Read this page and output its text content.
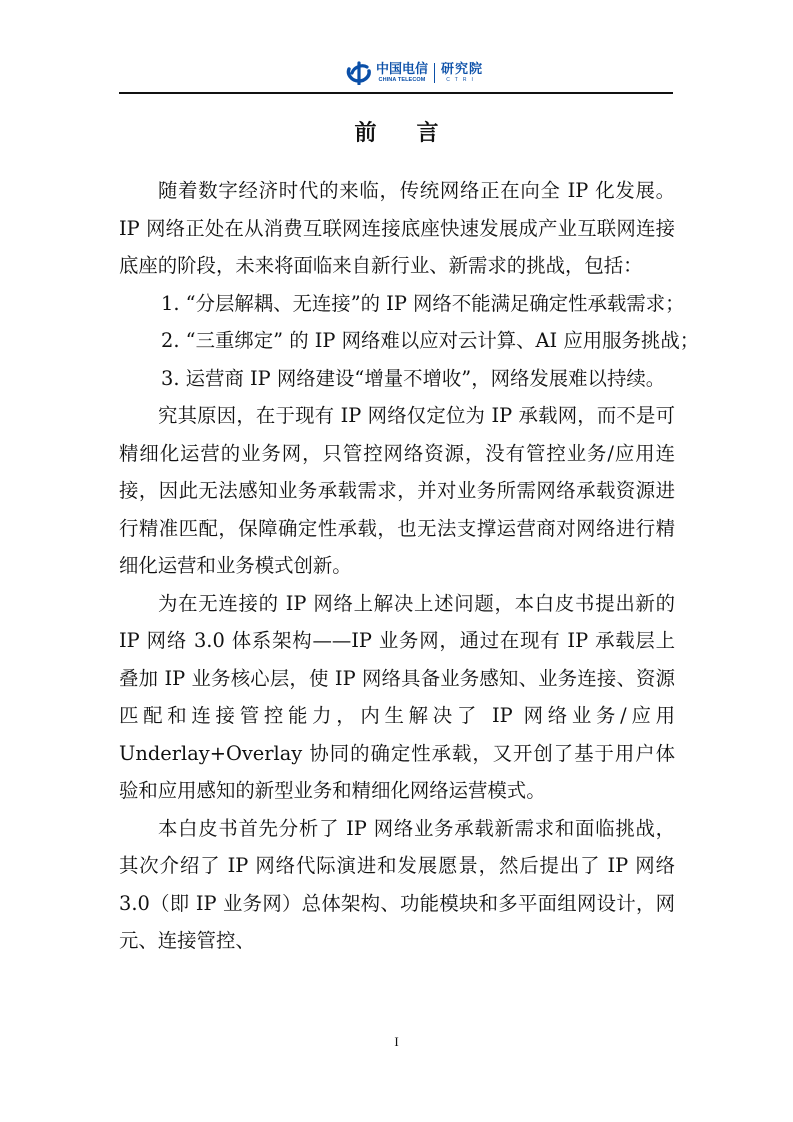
中国电信
CHINA TELECOM
研究院
CTRI
前 言

随着数字经济时代的来临，传统网络正在向全 IP 化发展。IP 网络正处在从消费互联网连接底座快速发展成产业互联网连接底座的阶段，未来将面临来自新行业、新需求的挑战，包括：

1. “分层解耦、无连接”的 IP 网络不能满足确定性承载需求；

2. “三重绑定” 的 IP 网络难以应对云计算、AI 应用服务挑战；

3. 运营商 IP 网络建设“增量不增收”，网络发展难以持续。

究其原因，在于现有 IP 网络仅定位为 IP 承载网，而不是可精细化运营的业务网，只管控网络资源，没有管控业务/应用连接，因此无法感知业务承载需求，并对业务所需网络承载资源进行精准匹配，保障确定性承载，也无法支撑运营商对网络进行精细化运营和业务模式创新。

为在无连接的 IP 网络上解决上述问题，本白皮书提出新的 IP 网络 3.0 体系架构——IP 业务网，通过在现有 IP 承载层上叠加 IP 业务核心层，使 IP 网络具备业务感知、业务连接、资源匹配和连接管控能力，内生解决了 IP 网络业务/应用 Underlay+Overlay 协同的确定性承载，又开创了基于用户体验和应用感知的新型业务和精细化网络运营模式。

本白皮书首先分析了 IP 网络业务承载新需求和面临挑战，其次介绍了 IP 网络代际演进和发展愿景，然后提出了 IP 网络 3.0（即 IP 业务网）总体架构、功能模块和多平面组网设计，网元、连接管控、

I
